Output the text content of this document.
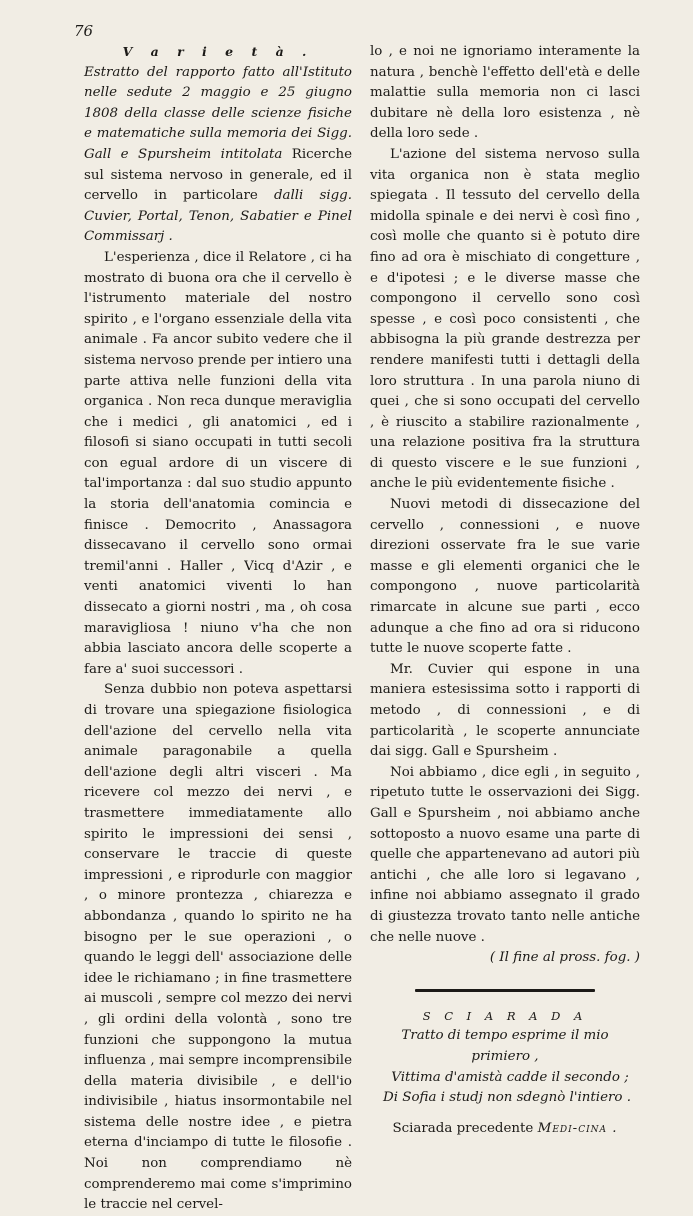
76

V a r i e t à .
Estratto del rapporto fatto all'Istituto nelle sedute 2 maggio e 25 giugno 1808 della classe delle scienze fisiche e matematiche sulla memoria dei Sigg. Gall e Spursheim intitolata Ricerche sul sistema nervoso in generale, ed il cervello in particolare dalli sigg. Cuvier, Portal, Tenon, Sabatier e Pinel Commissarj .

L'esperienza , dice il Relatore , ci ha mostrato di buona ora che il cervello è l'istrumento materiale del nostro spirito , e l'organo essenziale della vita animale . Fa ancor subito vedere che il sistema nervoso prende per intiero una parte attiva nelle funzioni della vita organica . Non reca dunque meraviglia che i medici , gli anatomici , ed i filosofi si siano occupati in tutti secoli con egual ardore di un viscere di tal'importanza : dal suo studio appunto la storia dell'anatomia comincia e finisce . Democrito , Anassagora dissecavano il cervello sono ormai tremil'anni . Haller , Vicq d'Azir , e venti anatomici viventi lo han dissecato a giorni nostri , ma , oh cosa maravigliosa ! niuno v'ha che non abbia lasciato ancora delle scoperte a fare a' suoi successori .

Senza dubbio non poteva aspettarsi di trovare una spiegazione fisiologica dell'azione del cervello nella vita animale paragonabile a quella dell'azione degli altri visceri . Ma ricevere col mezzo dei nervi , e trasmettere immediatamente allo spirito le impressioni dei sensi , conservare le traccie di queste impressioni , e riprodurle con maggior , o minore prontezza , chiarezza e abbondanza , quando lo spirito ne ha bisogno per le sue operazioni , o quando le leggi dell' associazione delle idee le richiamano ; in fine trasmettere ai muscoli , sempre col mezzo dei nervi , gli ordini della volontà , sono tre funzioni che suppongono la mutua influenza , mai sempre incomprensibile della materia divisibile , e dell'io indivisibile , hiatus insormontabile nel sistema delle nostre idee , e pietra eterna d'inciampo di tutte le filosofie . Noi non comprendiamo nè comprenderemo mai come s'imprimino le traccie nel cervel-

lo , e noi ne ignoriamo interamente la natura , benchè l'effetto dell'età e delle malattie sulla memoria non ci lasci dubitare nè della loro esistenza , nè della loro sede .

L'azione del sistema nervoso sulla vita organica non è stata meglio spiegata . Il tessuto del cervello della midolla spinale e dei nervi è così fino , così molle che quanto si è potuto dire fino ad ora è mischiato di congetture , e d'ipotesi ; e le diverse masse che compongono il cervello sono così spesse , e così poco consistenti , che abbisogna la più grande destrezza per rendere manifesti tutti i dettagli della loro struttura . In una parola niuno di quei , che si sono occupati del cervello , è riuscito a stabilire razionalmente , una relazione positiva fra la struttura di questo viscere e le sue funzioni , anche le più evidentemente fisiche .

Nuovi metodi di dissecazione del cervello , connessioni , e nuove direzioni osservate fra le sue varie masse e gli elementi organici che le compongono , nuove particolarità rimarcate in alcune sue parti , ecco adunque a che fino ad ora si riducono tutte le nuove scoperte fatte .

Mr. Cuvier qui espone in una maniera estesissima sotto i rapporti di metodo , di connessioni , e di particolarità , le scoperte annunciate dai sigg. Gall e Spursheim .

Noi abbiamo , dice egli , in seguito , ripetuto tutte le osservazioni dei Sigg. Gall e Spursheim , noi abbiamo anche sottoposto a nuovo esame una parte di quelle che appartenevano ad autori più antichi , che alle loro si legavano , infine noi abbiamo assegnato il grado di giustezza trovato tanto nelle antiche che nelle nuove .

( Il fine al pross. fog. )

S C I A R A D A

Tratto di tempo esprime il mio primiero ,

Vittima d'amistà cadde il secondo ;

Di Sofia i studj non sdegnò l'intiero .

Sciarada precedente Medi-cina .
